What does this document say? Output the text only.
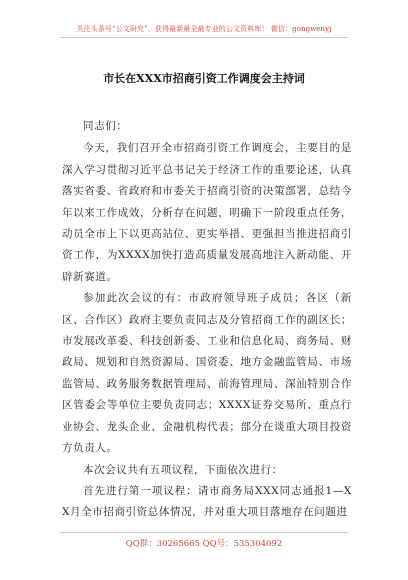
关注头条号“公文研究”，获得最新最全最专业的公文资料库！ 微信：gongwenyj
市长在XXX市招商引资工作调度会主持词

同志们：

今天，我们召开全市招商引资工作调度会，主要目的是深入学习贯彻习近平总书记关于经济工作的重要论述，认真落实省委、省政府和市委关于招商引资的决策部署，总结今年以来工作成效，分析存在问题，明确下一阶段重点任务，动员全市上下以更高站位、更实举措、更强担当推进招商引资工作，为XXXX加快打造高质量发展高地注入新动能、开辟新赛道。

参加此次会议的有：市政府领导班子成员；各区（新区、合作区）政府主要负责同志及分管招商工作的副区长；市发展改革委、科技创新委、工业和信息化局、商务局、财政局、规划和自然资源局、国资委、地方金融监管局、市场监管局、政务服务数据管理局、前海管理局、深汕特别合作区管委会等单位主要负责同志；XXXX证券交易所、重点行业协会、龙头企业、金融机构代表；部分在谈重大项目投资方负责人。

本次会议共有五项议程，下面依次进行：

首先进行第一项议程：请市商务局XXX同志通报1—XX月全市招商引资总体情况，并对重大项目落地存在问题进

QQ群：30265665 QQ号：535304092
